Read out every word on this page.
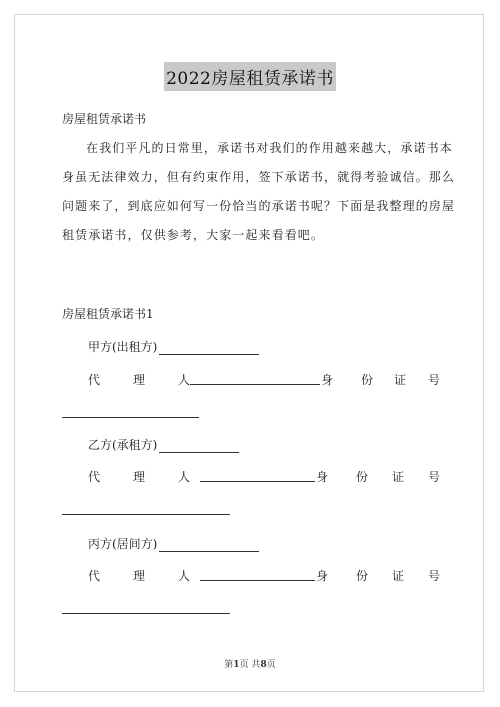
2022房屋租赁承诺书
房屋租赁承诺书
在我们平凡的日常里，承诺书对我们的作用越来越大，承诺书本
身虽无法律效力，但有约束作用，签下承诺书，就得考验诚信。那么
问题来了，到底应如何写一份恰当的承诺书呢？下面是我整理的房屋
租赁承诺书，仅供参考，大家一起来看看吧。
房屋租赁承诺书1
甲方(出租方)
代	理	人	身 份 证 号
乙方(承租方)
代	理	人	身 份 证 号
丙方(居间方)
代	理	人	身 份 证 号
第1页 共8页
